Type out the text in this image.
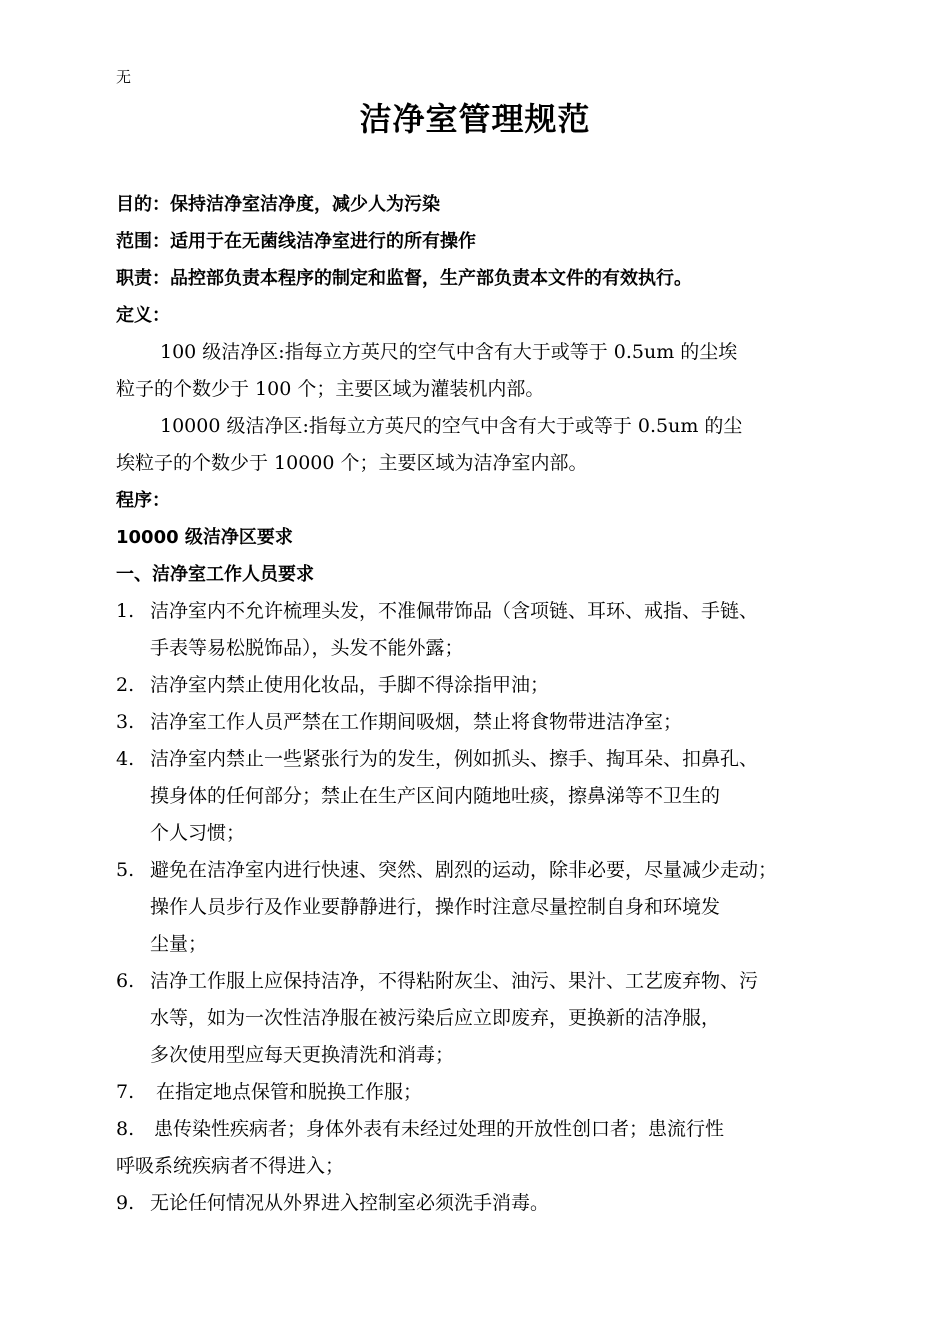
无
洁净室管理规范
目的：保持洁净室洁净度，减少人为污染
范围：适用于在无菌线洁净室进行的所有操作
职责：品控部负责本程序的制定和监督，生产部负责本文件的有效执行。
定义：
100 级洁净区:指每立方英尺的空气中含有大于或等于 0.5um 的尘埃
粒子的个数少于 100 个；主要区域为灌装机内部。
10000 级洁净区:指每立方英尺的空气中含有大于或等于 0.5um 的尘
埃粒子的个数少于 10000 个；主要区域为洁净室内部。
程序：
10000 级洁净区要求
一、洁净室工作人员要求
1. 洁净室内不允许梳理头发，不准佩带饰品（含项链、耳环、戒指、手链、
手表等易松脱饰品），头发不能外露；
2. 洁净室内禁止使用化妆品，手脚不得涂指甲油；
3. 洁净室工作人员严禁在工作期间吸烟，禁止将食物带进洁净室；
4. 洁净室内禁止一些紧张行为的发生，例如抓头、擦手、掏耳朵、扣鼻孔、
摸身体的任何部分；禁止在生产区间内随地吐痰，擦鼻涕等不卫生的
个人习惯；
5. 避免在洁净室内进行快速、突然、剧烈的运动，除非必要，尽量减少走动；
操作人员步行及作业要静静进行，操作时注意尽量控制自身和环境发
尘量；
6. 洁净工作服上应保持洁净，不得粘附灰尘、油污、果汁、工艺废弃物、污
水等，如为一次性洁净服在被污染后应立即废弃，更换新的洁净服，
多次使用型应每天更换清洗和消毒；
7.	在指定地点保管和脱换工作服；
8.	患传染性疾病者；身体外表有未经过处理的开放性创口者；患流行性
呼吸系统疾病者不得进入；
9. 无论任何情况从外界进入控制室必须洗手消毒。
